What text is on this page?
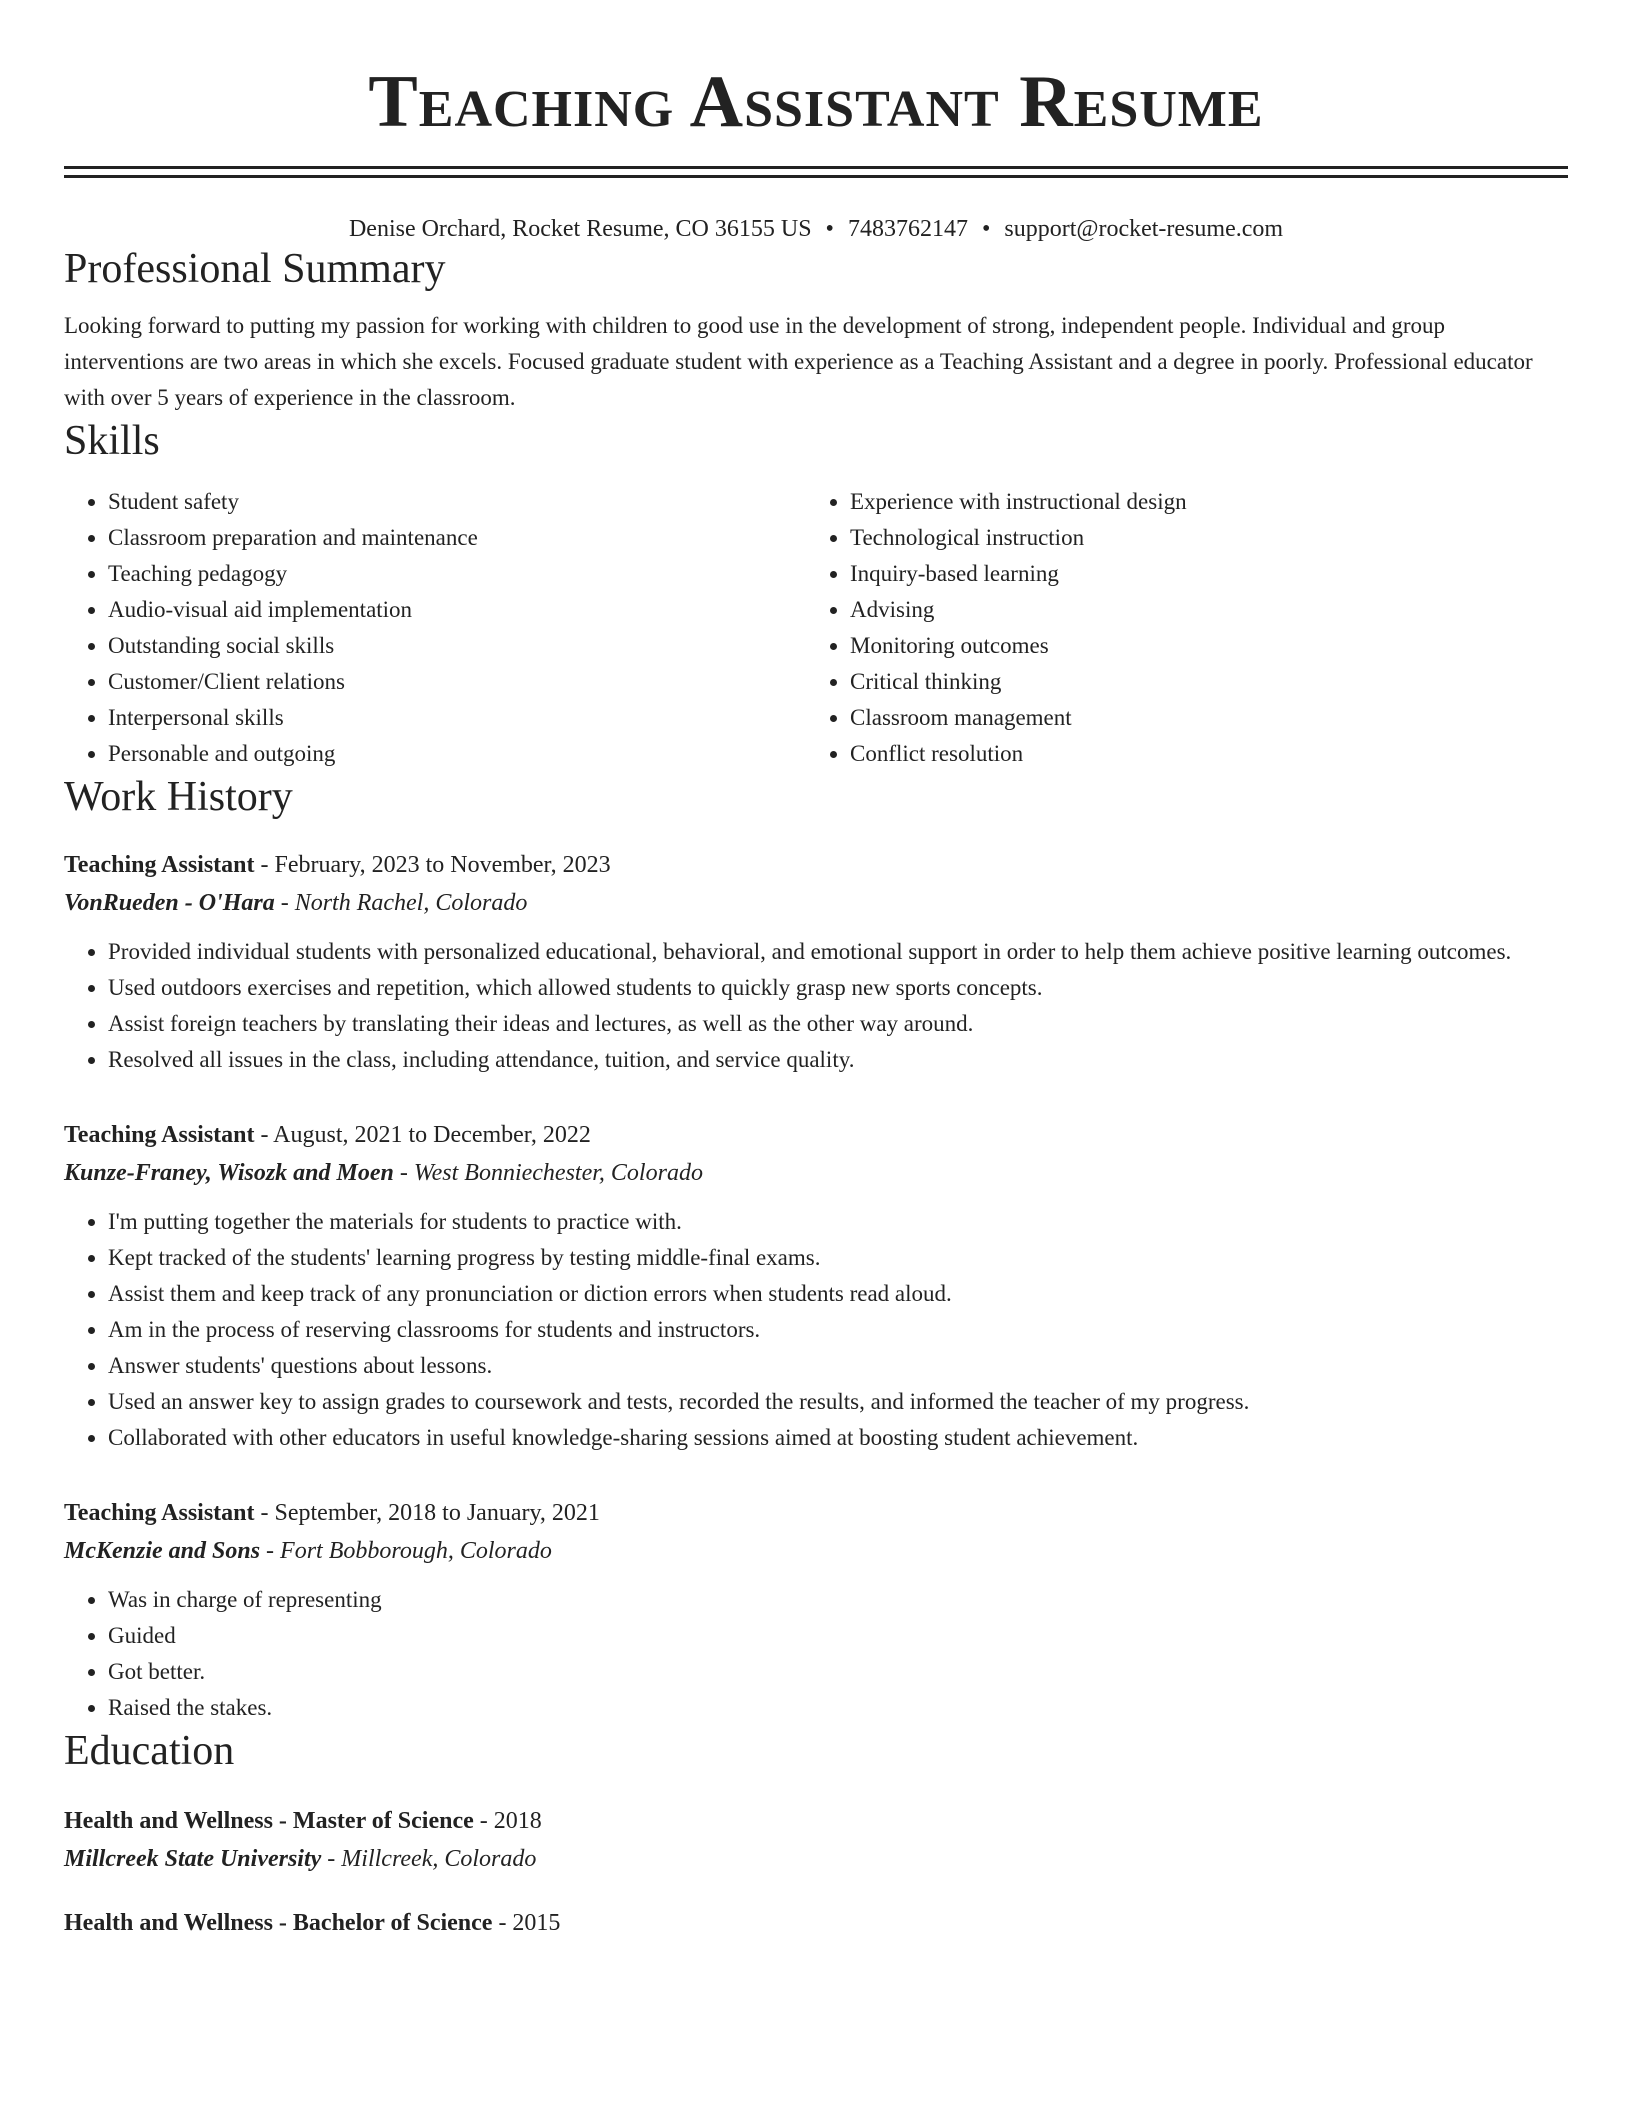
Teaching Assistant Resume
Denise Orchard, Rocket Resume, CO 36155 US • 7483762147 • support@rocket-resume.com
Professional Summary
Looking forward to putting my passion for working with children to good use in the development of strong, independent people. Individual and group interventions are two areas in which she excels. Focused graduate student with experience as a Teaching Assistant and a degree in poorly. Professional educator with over 5 years of experience in the classroom.
Skills
• Student safety
• Classroom preparation and maintenance
• Teaching pedagogy
• Audio-visual aid implementation
• Outstanding social skills
• Customer/Client relations
• Interpersonal skills
• Personable and outgoing
• Experience with instructional design
• Technological instruction
• Inquiry-based learning
• Advising
• Monitoring outcomes
• Critical thinking
• Classroom management
• Conflict resolution
Work History
Teaching Assistant - February, 2023 to November, 2023
VonRueden - O'Hara - North Rachel, Colorado
• Provided individual students with personalized educational, behavioral, and emotional support in order to help them achieve positive learning outcomes.
• Used outdoors exercises and repetition, which allowed students to quickly grasp new sports concepts.
• Assist foreign teachers by translating their ideas and lectures, as well as the other way around.
• Resolved all issues in the class, including attendance, tuition, and service quality.
Teaching Assistant - August, 2021 to December, 2022
Kunze-Franey, Wisozk and Moen - West Bonniechester, Colorado
• I'm putting together the materials for students to practice with.
• Kept tracked of the students' learning progress by testing middle-final exams.
• Assist them and keep track of any pronunciation or diction errors when students read aloud.
• Am in the process of reserving classrooms for students and instructors.
• Answer students' questions about lessons.
• Used an answer key to assign grades to coursework and tests, recorded the results, and informed the teacher of my progress.
• Collaborated with other educators in useful knowledge-sharing sessions aimed at boosting student achievement.
Teaching Assistant - September, 2018 to January, 2021
McKenzie and Sons - Fort Bobborough, Colorado
• Was in charge of representing
• Guided
• Got better.
• Raised the stakes.
Education
Health and Wellness - Master of Science - 2018
Millcreek State University - Millcreek, Colorado
Health and Wellness - Bachelor of Science - 2015
